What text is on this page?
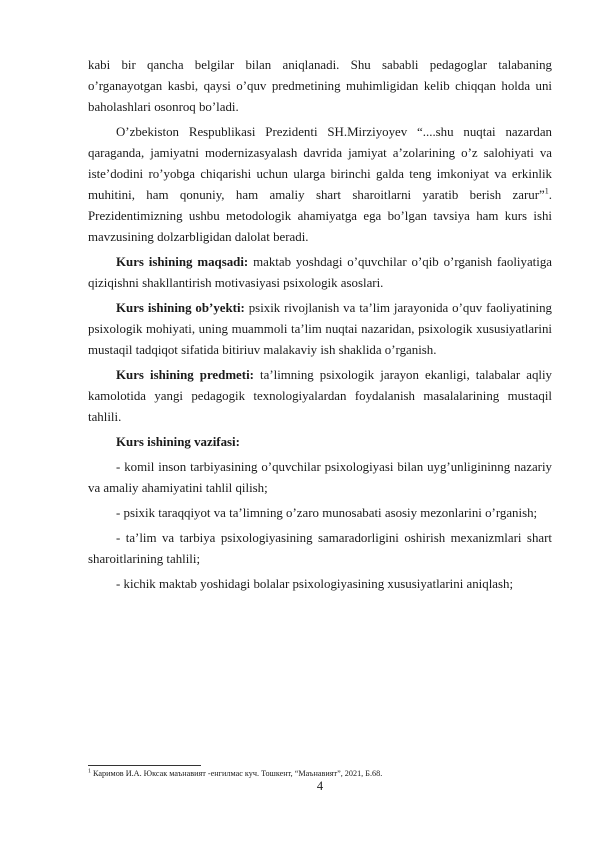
kabi bir qancha belgilar bilan aniqlanadi. Shu sababli pedagoglar talabaning o’rganayotgan kasbi, qaysi o’quv predmetining muhimligidan kelib chiqqan holda uni baholashlari osonroq bo’ladi.

O’zbekiston Respublikasi Prezidenti SH.Mirziyoyev “....shu nuqtai nazardan qaraganda, jamiyatni modernizasyalash davrida jamiyat a’zolarining o’z salohiyati va iste’dodini ro’yobga chiqarishi uchun ularga birinchi galda teng imkoniyat va erkinlik muhitini, ham qonuniy, ham amaliy shart sharoitlarni yaratib berish zarur”$^1$. Prezidentimizning ushbu metodologik ahamiyatga ega bo’lgan tavsiya ham kurs ishi mavzusining dolzarbligidan dalolat beradi.

Kurs ishining maqsadi: maktab yoshdagi o’quvchilar o’qib o’rganish faoliyatiga qiziqishni shakllantirish motivasiyasi psixologik asoslari.

Kurs ishining ob’yekti: psixik rivojlanish va ta’lim jarayonida o’quv faoliyatining psixologik mohiyati, uning muammoli ta’lim nuqtai nazaridan, psixologik xususiyatlarini mustaqil tadqiqot sifatida bitiriuv malakaviy ish shaklida o’rganish.

Kurs ishining predmeti: ta’limning psixologik jarayon ekanligi, talabalar aqliy kamolotida yangi pedagogik texnologiyalardan foydalanish masalalarining mustaqil tahlili.

Kurs ishining vazifasi:

- komil inson tarbiyasining o’quvchilar psixologiyasi bilan uyg’unligininng nazariy va amaliy ahamiyatini tahlil qilish;

- psixik taraqqiyot va ta’limning o’zaro munosabati asosiy mezonlarini o’rganish;

- ta’lim va tarbiya psixologiyasining samaradorligini oshirish mexanizmlari shart sharoitlarining tahlili;

- kichik maktab yoshidagi bolalar psixologiyasining xususiyatlarini aniqlash;

$^1$ Каримов И.А. Юксак маънавият -енгилмас куч. Тошкент, “Маънавият”, 2021, Б.68.
4
